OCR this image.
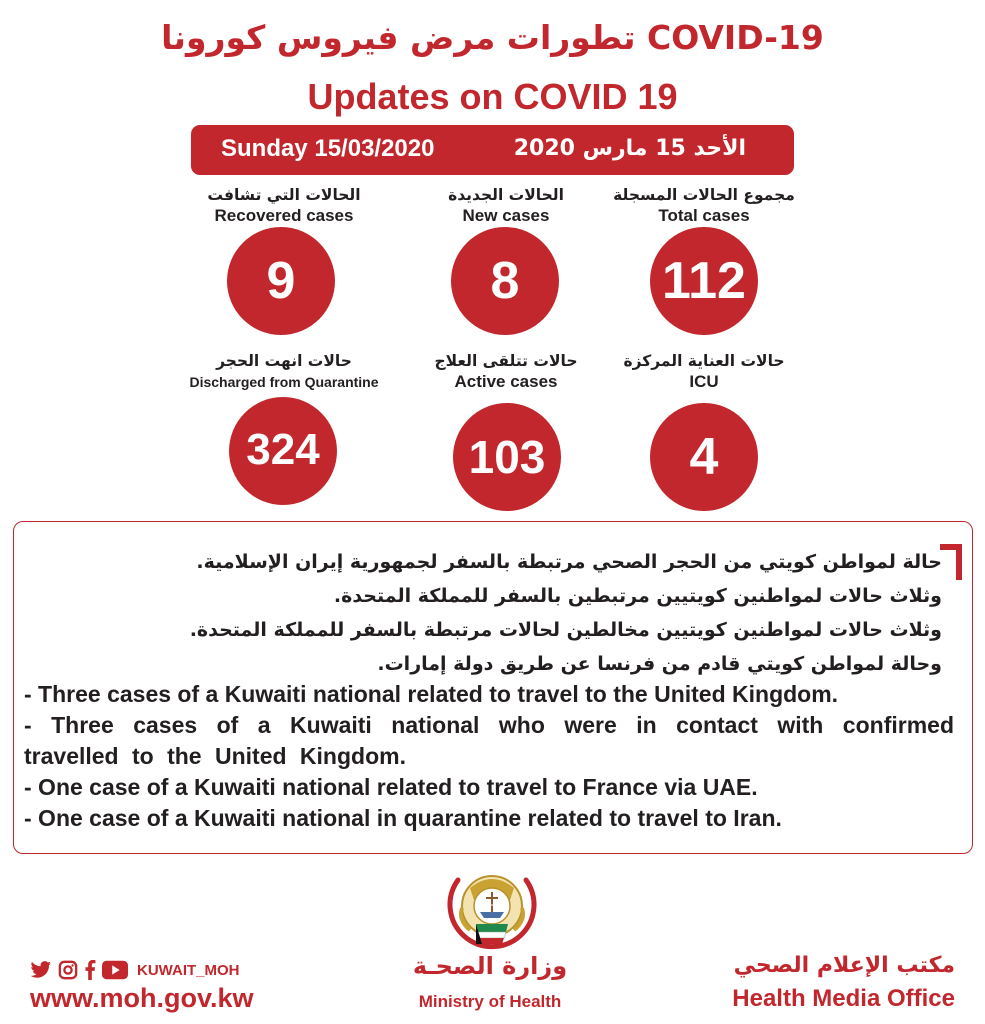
تطورات مرض فيروس كورونا COVID-19
Updates on COVID 19
Sunday 15/03/2020	الأحد 15 مارس 2020
الحالات التي تشافت
Recovered cases
9
الحالات الجديدة
New cases
8
مجموع الحالات المسجلة
Total cases
112
حالات انهت الحجر
Discharged from Quarantine
324
حالات تتلقى العلاج
Active cases
103
حالات العناية المركزة
ICU
4
حالة لمواطن كويتي من الحجر الصحي مرتبطة بالسفر لجمهورية إيران الإسلامية.
وثلاث حالات لمواطنين كويتيين مرتبطين بالسفر للمملكة المتحدة.
وثلاث حالات لمواطنين كويتيين مخالطين لحالات مرتبطة بالسفر للمملكة المتحدة.
وحالة لمواطن كويتي قادم من فرنسا عن طريق دولة إمارات.
- Three cases of a Kuwaiti national related to travel to the United Kingdom.
- Three cases of a Kuwaiti national who were in contact with confirmed
travelled to the United Kingdom.
- One case of a Kuwaiti national related to travel to France via UAE.
- One case of a Kuwaiti national in quarantine related to travel to Iran.
KUWAIT_MOH
www.moh.gov.kw
وزارة الصحـة
Ministry of Health
مكتب الإعلام الصحي
Health Media Office
